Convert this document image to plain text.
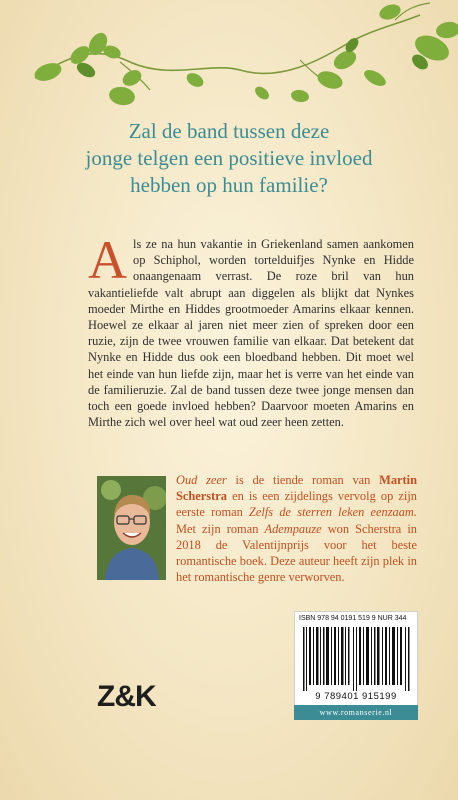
Zal de band tussen deze
jonge telgen een positieve invloed
hebben op hun familie?
Als ze na hun vakantie in Griekenland samen aankomen op Schiphol, worden tortelduifjes Nynke en Hidde onaangenaam verrast. De roze bril van hun vakantieliefde valt abrupt aan diggelen als blijkt dat Nynkes moeder Mirthe en Hiddes grootmoeder Amarins elkaar kennen. Hoewel ze elkaar al jaren niet meer zien of spreken door een ruzie, zijn de twee vrouwen familie van elkaar. Dat betekent dat Nynke en Hidde dus ook een bloedband hebben. Dit moet wel het einde van hun liefde zijn, maar het is verre van het einde van de familieruzie. Zal de band tussen deze twee jonge mensen dan toch een goede invloed hebben? Daarvoor moeten Amarins en Mirthe zich wel over heel wat oud zeer heen zetten.
Oud zeer is de tiende roman van Martin Scherstra en is een zijdelings vervolg op zijn eerste roman Zelfs de sterren leken eenzaam. Met zijn roman Adempauze won Scherstra in 2018 de Valentijnprijs voor het beste romantische boek. Deze auteur heeft zijn plek in het romantische genre verworven.
Z&K
ISBN 978 94 0191 519 9 NUR 344
9 789401 915199
www.romanserie.nl
